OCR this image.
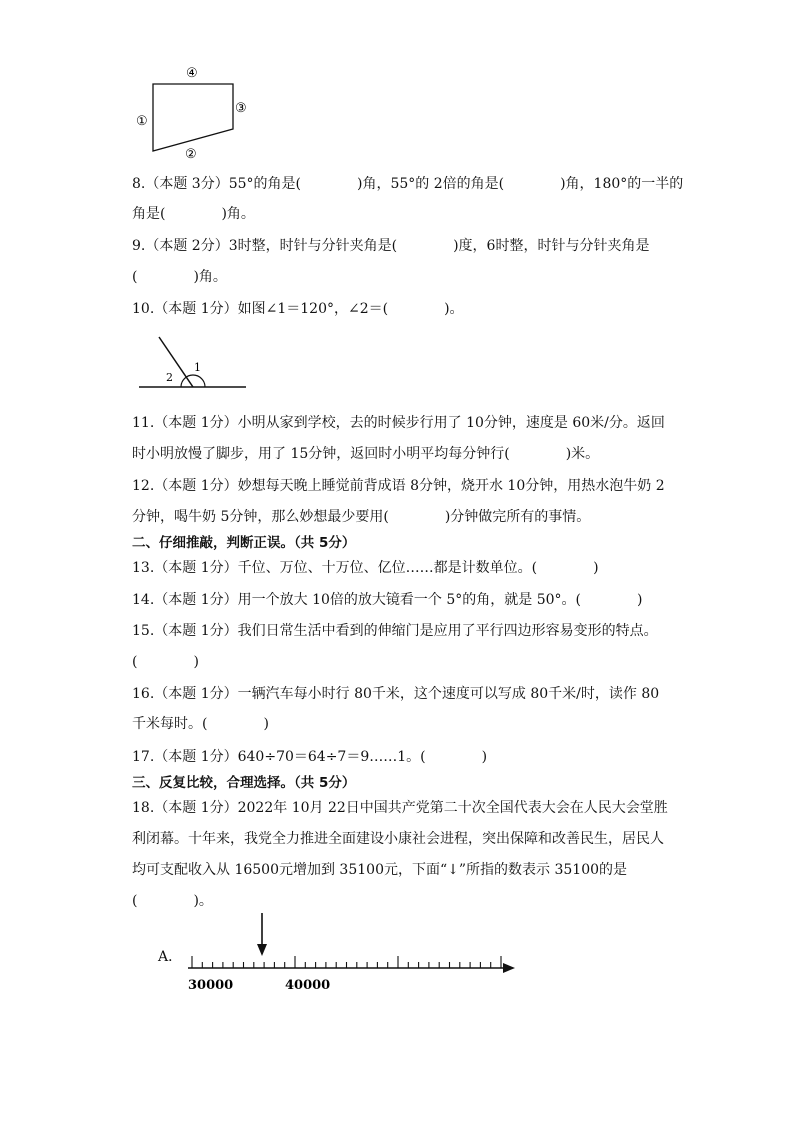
①
②
③
④
8.（本题 3分）55°的角是(　　　　)角，55°的 2倍的角是(　　　　)角，180°的一半的
角是(　　　　)角。
9.（本题 2分）3时整，时针与分针夹角是(　　　　)度，6时整，时针与分针夹角是
(　　　　)角。
10.（本题 1分）如图∠1＝120°，∠2＝(　　　　)。
1
2
11.（本题 1分）小明从家到学校，去的时候步行用了 10分钟，速度是 60米/分。返回
时小明放慢了脚步，用了 15分钟，返回时小明平均每分钟行(　　　　)米。
12.（本题 1分）妙想每天晚上睡觉前背成语 8分钟，烧开水 10分钟，用热水泡牛奶 2
分钟，喝牛奶 5分钟，那么妙想最少要用(　　　　)分钟做完所有的事情。
二、仔细推敲，判断正误。（共 5分）
13.（本题 1分）千位、万位、十万位、亿位……都是计数单位。(　　　　)
14.（本题 1分）用一个放大 10倍的放大镜看一个 5°的角，就是 50°。(　　　　)
15.（本题 1分）我们日常生活中看到的伸缩门是应用了平行四边形容易变形的特点。
(　　　　)
16.（本题 1分）一辆汽车每小时行 80千米，这个速度可以写成 80千米/时，读作 80
千米每时。(　　　　)
17.（本题 1分）640÷70＝64÷7＝9……1。(　　　　)
三、反复比较，合理选择。（共 5分）
18.（本题 1分）2022年 10月 22日中国共产党第二十次全国代表大会在人民大会堂胜
利闭幕。十年来，我党全力推进全面建设小康社会进程，突出保障和改善民生，居民人
均可支配收入从 16500元增加到 35100元，下面“↓”所指的数表示 35100的是
(　　　　)。
A．
30000	40000
